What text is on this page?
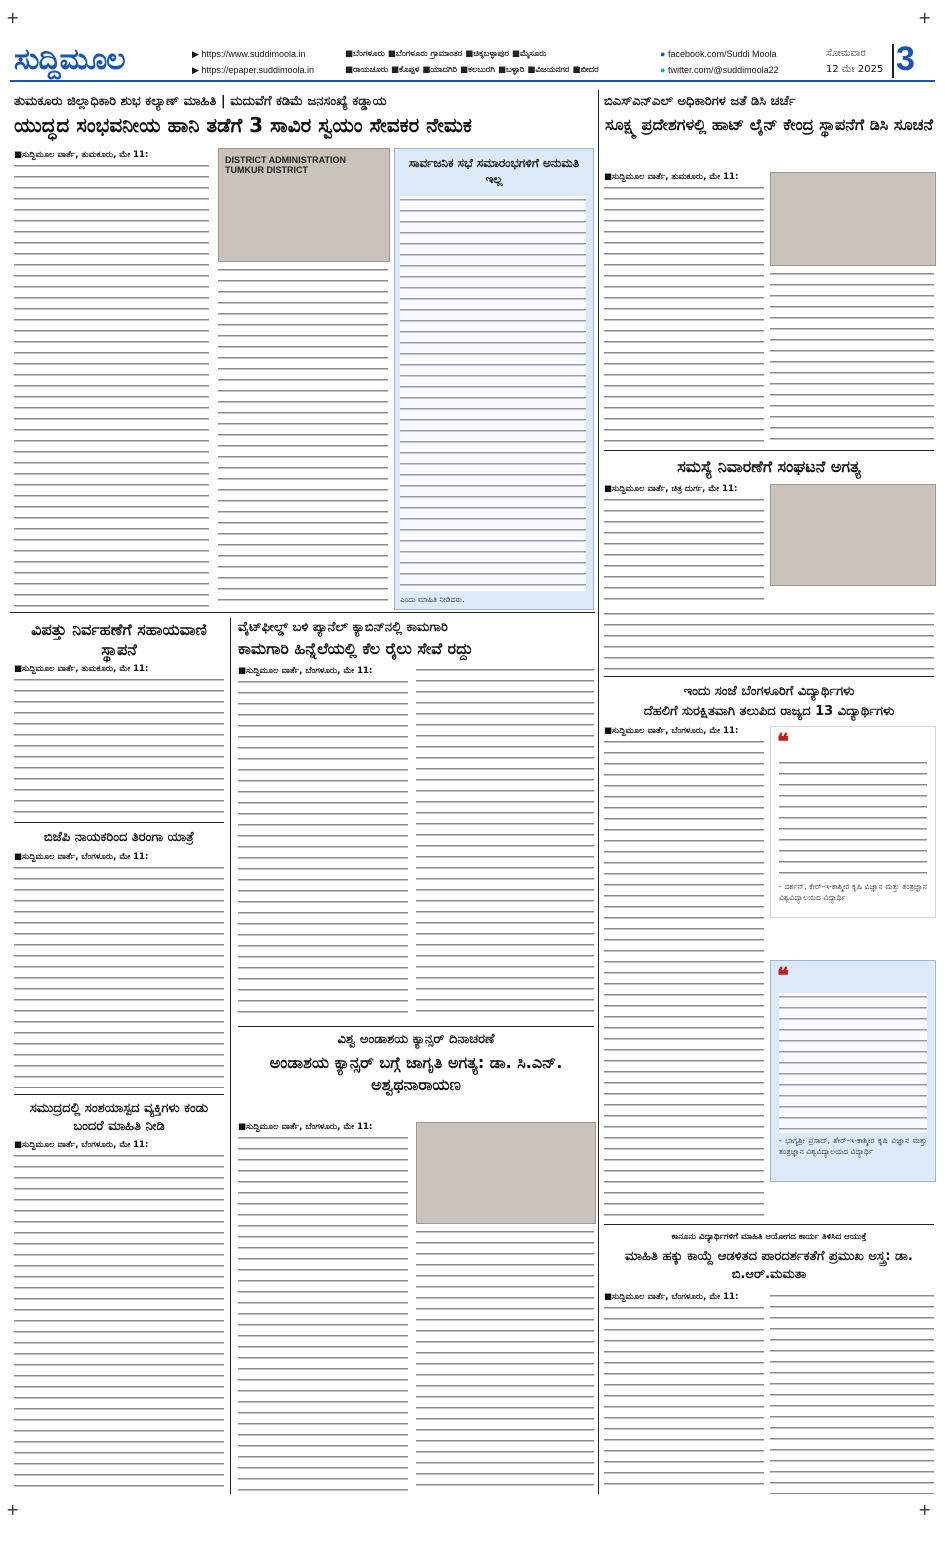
ಸುದ್ದಿಮೂಲ	▶ https://www.suddimoola.in
▶ https://epaper.suddimoola.in
■ಬೆಂಗಳೂರು ■ಬೆಂಗಳೂರು ಗ್ರಾಮಾಂತರ ■ಚಿಕ್ಕಬಳ್ಳಾಪುರ ■ಮೈಸೂರು
■ರಾಯಚೂರು ■ಕೊಪ್ಪಳ ■ಯಾದಗಿರಿ ■ಕಲಬುರಗಿ ■ಬಳ್ಳಾರಿ ■ವಿಜಯನಗರ ■ಬೀದರ
● facebook.com/Suddi Moola
● twitter.com/@suddimoola22
ಸೋಮವಾರ
12 ಮೇ 2025 3
ತುಮಕೂರು ಜಿಲ್ಲಾಧಿಕಾರಿ ಶುಭ ಕಲ್ಯಾಣ್ ಮಾಹಿತಿ | ಮದುವೆಗೆ ಕಡಿಮೆ ಜನಸಂಖ್ಯೆ ಕಡ್ಡಾಯ
ಯುದ್ಧದ ಸಂಭವನೀಯ ಹಾನಿ ತಡೆಗೆ 3 ಸಾವಿರ ಸ್ವಯಂ ಸೇವಕರ ನೇಮಕ
■ಸುದ್ದಿಮೂಲ ವಾರ್ತೆ, ತುಮಕೂರು, ಮೇ 11:	DISTRICT ADMINISTRATION TUMKUR DISTRICT	ಸಾರ್ವಜನಿಕ ಸಭೆ ಸಮಾರಂಭಗಳಿಗೆ ಅನುಮತಿ ಇಲ್ಲ
ಎಂದು ಮಾಹಿತಿ ನೀಡಿದರು.
ಬಿಎಸ್‌ಎನ್‌ಎಲ್ ಅಧಿಕಾರಿಗಳ ಜತೆ ಡಿಸಿ ಚರ್ಚೆ
ಸೂಕ್ಷ್ಮ ಪ್ರದೇಶಗಳಲ್ಲಿ ಹಾಟ್ ಲೈನ್ ಕೇಂದ್ರ ಸ್ಥಾಪನೆಗೆ ಡಿಸಿ ಸೂಚನೆ
■ಸುದ್ದಿಮೂಲ ವಾರ್ತೆ, ತುಮಕೂರು, ಮೇ 11:
ಸಮಸ್ಯೆ ನಿವಾರಣೆಗೆ ಸಂಘಟನೆ ಅಗತ್ಯ
■ಸುದ್ದಿಮೂಲ ವಾರ್ತೆ, ಚಿತ್ರ ದುರ್ಗ, ಮೇ 11:
ವಿಪತ್ತು ನಿರ್ವಹಣೆಗೆ ಸಹಾಯವಾಣಿ ಸ್ಥಾಪನೆ
■ಸುದ್ದಿಮೂಲ ವಾರ್ತೆ, ತುಮಕೂರು, ಮೇ 11:
ಬಿಜೆಪಿ ನಾಯಕರಿಂದ ತಿರಂಗಾ ಯಾತ್ರೆ
■ಸುದ್ದಿಮೂಲ ವಾರ್ತೆ, ಬೆಂಗಳೂರು, ಮೇ 11:
ಸಮುದ್ರದಲ್ಲಿ ಸಂಶಯಾಸ್ಪದ ವ್ಯಕ್ತಿಗಳು ಕಂಡು ಬಂದರೆ ಮಾಹಿತಿ ನೀಡಿ
■ಸುದ್ದಿಮೂಲ ವಾರ್ತೆ, ಬೆಂಗಳೂರು, ಮೇ 11:
ವೈಟ್‌ಫೀಲ್ಡ್ ಬಳಿ ಪ್ಯಾನೆಲ್ ಕ್ಯಾಬಿನ್‌ನಲ್ಲಿ ಕಾಮಗಾರಿ
ಕಾಮಗಾರಿ ಹಿನ್ನೆಲೆಯಲ್ಲಿ ಕೆಲ ರೈಲು ಸೇವೆ ರದ್ದು
■ಸುದ್ದಿಮೂಲ ವಾರ್ತೆ, ಬೆಂಗಳೂರು, ಮೇ 11:
ವಿಶ್ವ ಅಂಡಾಶಯ ಕ್ಯಾನ್ಸರ್ ದಿನಾಚರಣೆ
ಅಂಡಾಶಯ ಕ್ಯಾನ್ಸರ್ ಬಗ್ಗೆ ಜಾಗೃತಿ ಅಗತ್ಯ: ಡಾ. ಸಿ.ಎನ್. ಅಶ್ವಥನಾರಾಯಣ
■ಸುದ್ದಿಮೂಲ ವಾರ್ತೆ, ಬೆಂಗಳೂರು, ಮೇ 11:
ಇಂದು ಸಂಜೆ ಬೆಂಗಳೂರಿಗೆ ವಿದ್ಯಾರ್ಥಿಗಳು
ದೆಹಲಿಗೆ ಸುರಕ್ಷಿತವಾಗಿ ತಲುಪಿದ ರಾಜ್ಯದ 13 ವಿದ್ಯಾರ್ಥಿಗಳು
■ಸುದ್ದಿಮೂಲ ವಾರ್ತೆ, ಬೆಂಗಳೂರು, ಮೇ 11:	❝
- ದರ್ಶನ್, ಕೇರ್-ಇ-ಕಾಶ್ಮೀರ ಕೃಷಿ ವಿಜ್ಞಾನ ಮತ್ತು ತಂತ್ರಜ್ಞಾನ ವಿಶ್ವವಿದ್ಯಾಲಯದ ವಿದ್ಯಾರ್ಥಿ
❝
- ಭಾಗ್ಯಶ್ರೀ ಪ್ರಸಾದ್, ಶೇರ್-ಇ-ಕಾಶ್ಮೀರ ಕೃಷಿ ವಿಜ್ಞಾನ ಮತ್ತು ತಂತ್ರಜ್ಞಾನ ವಿಶ್ವವಿದ್ಯಾಲಯದ ವಿದ್ಯಾರ್ಥಿ
ಕಾನೂನು ವಿದ್ಯಾರ್ಥಿಗಳಿಗೆ ಮಾಹಿತಿ ಆಯೋಗದ ಕಾರ್ಯ ತಿಳಿಸಿದ ಆಯುಕ್ತೆ
ಮಾಹಿತಿ ಹಕ್ಕು ಕಾಯ್ದೆ ಆಡಳಿತದ ಪಾರದರ್ಶಕತೆಗೆ ಪ್ರಮುಖ ಅಸ್ತ್ರ: ಡಾ. ಬಿ.ಆರ್.ಮಮತಾ
■ಸುದ್ದಿಮೂಲ ವಾರ್ತೆ, ಬೆಂಗಳೂರು, ಮೇ 11:
+	+
+	+
